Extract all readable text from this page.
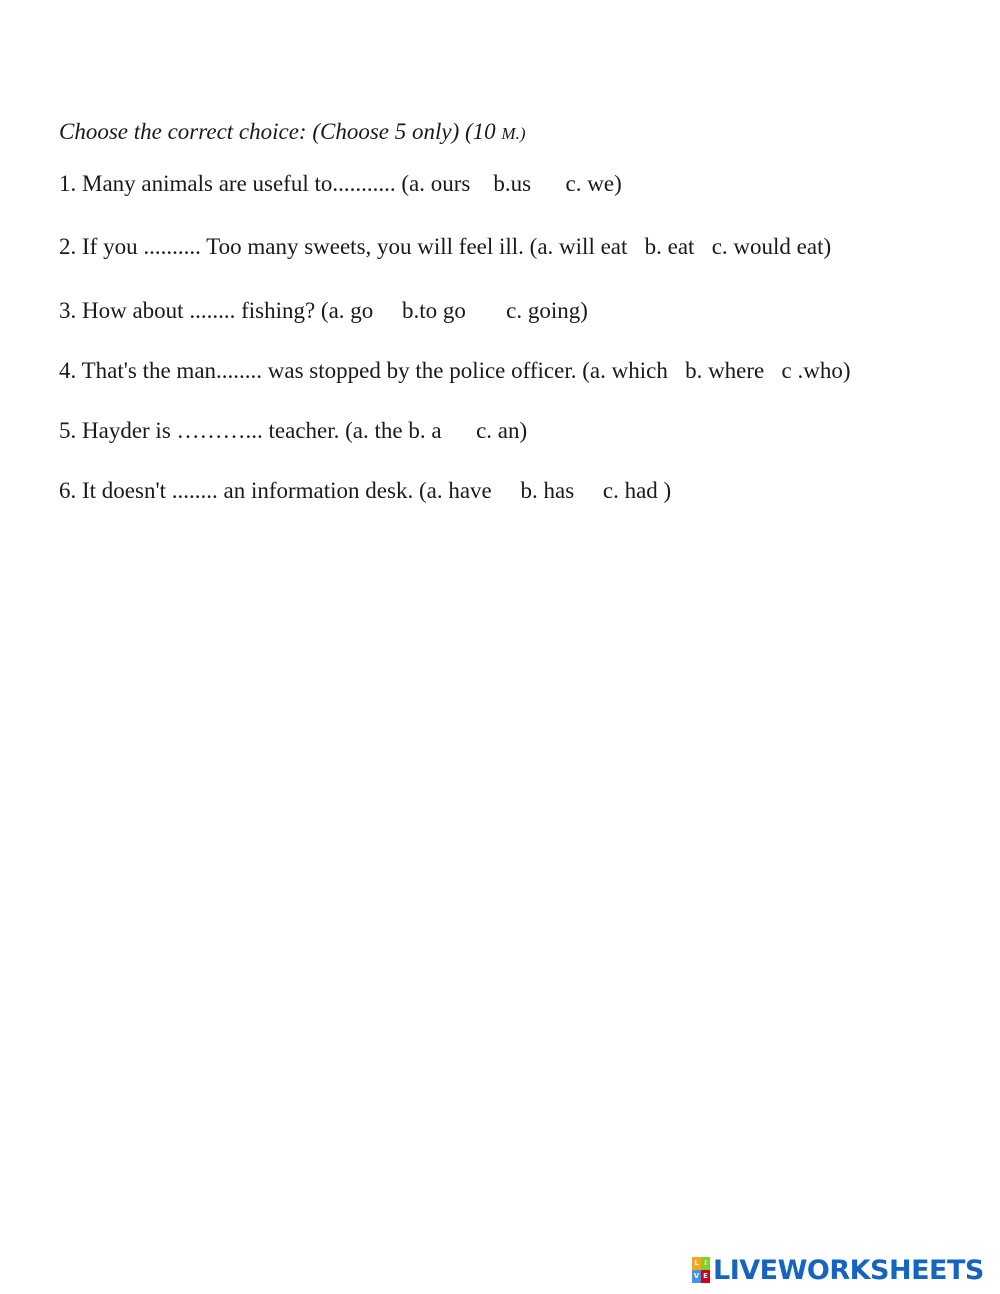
Choose the correct choice: (Choose 5 only) (10 M.)

1. Many animals are useful to........... (a. ours    b.us      c. we)

2. If you .......... Too many sweets, you will feel ill. (a. will eat   b. eat   c. would eat)

3. How about ........ fishing? (a. go     b.to go       c. going)

4. That's the man........ was stopped by the police officer. (a. which   b. where   c .who)

5. Hayder is ………... teacher. (a. the b. a      c. an)

6. It doesn't ........ an information desk. (a. have     b. has     c. had )

L I
V E LIVEWORKSHEETS
